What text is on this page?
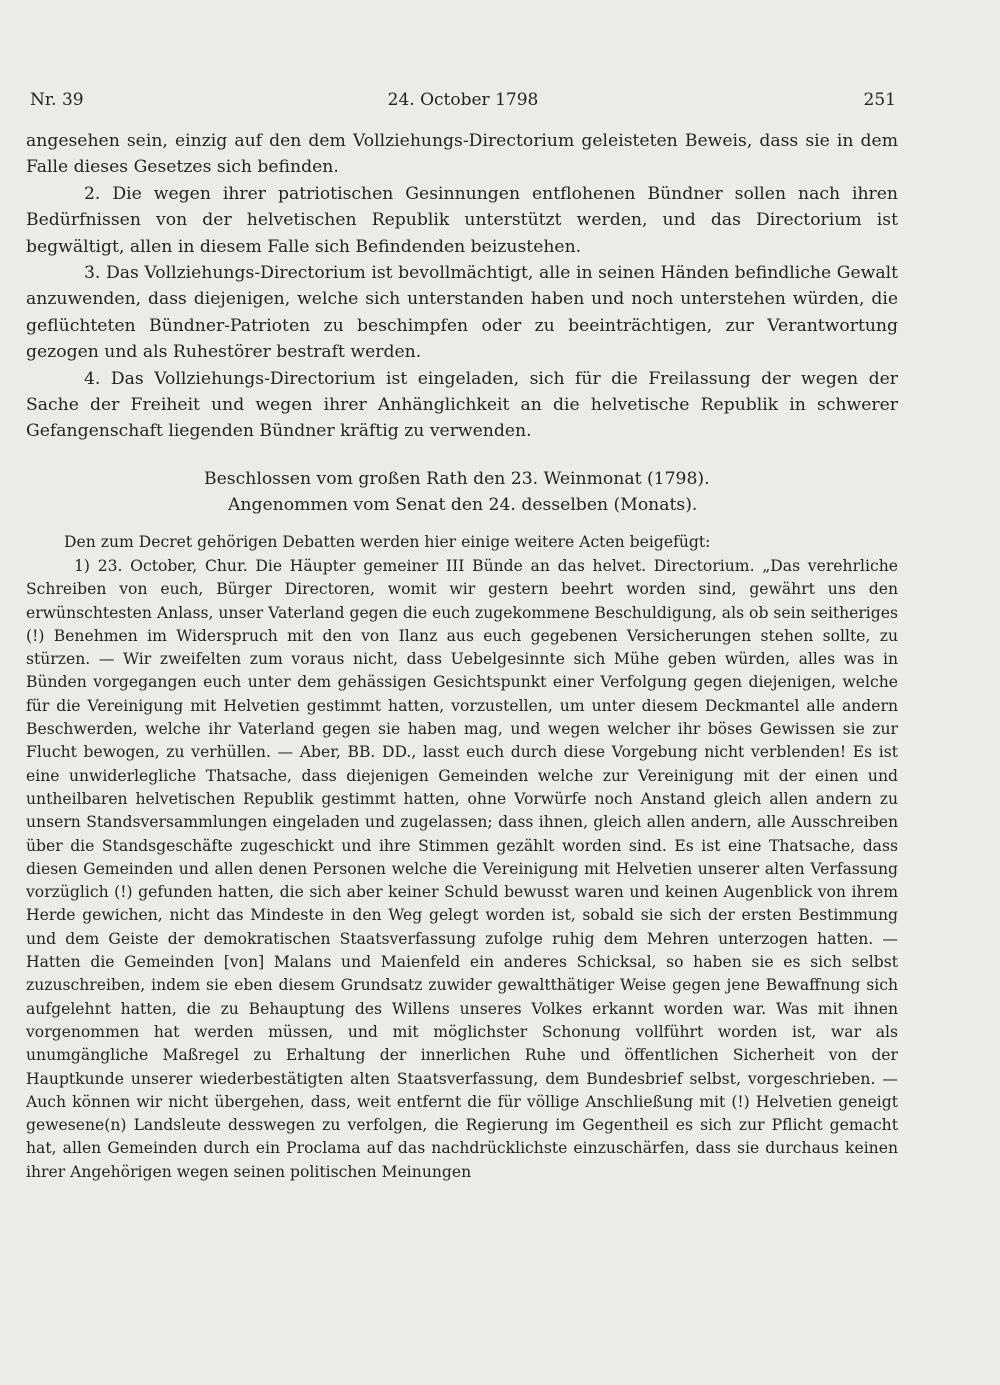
Nr. 39	24. October 1798	251

angesehen sein, einzig auf den dem Vollziehungs-Directorium geleisteten Beweis, dass sie in dem Falle dieses Gesetzes sich befinden.

2. Die wegen ihrer patriotischen Gesinnungen entflohenen Bündner sollen nach ihren Bedürfnissen von der helvetischen Republik unterstützt werden, und das Directorium ist begwältigt, allen in diesem Falle sich Befindenden beizustehen.

3. Das Vollziehungs-Directorium ist bevollmächtigt, alle in seinen Händen befindliche Gewalt anzuwenden, dass diejenigen, welche sich unterstanden haben und noch unterstehen würden, die geflüchteten Bündner-Patrioten zu beschimpfen oder zu beeinträchtigen, zur Verantwortung gezogen und als Ruhestörer bestraft werden.

4. Das Vollziehungs-Directorium ist eingeladen, sich für die Freilassung der wegen der Sache der Freiheit und wegen ihrer Anhänglichkeit an die helvetische Republik in schwerer Gefangenschaft liegenden Bündner kräftig zu verwenden.

Beschlossen vom großen Rath den 23. Weinmonat (1798).
Angenommen vom Senat den 24. desselben (Monats).
Den zum Decret gehörigen Debatten werden hier einige weitere Acten beigefügt:

1) 23. October, Chur. Die Häupter gemeiner III Bünde an das helvet. Directorium. „Das verehrliche Schreiben von euch, Bürger Directoren, womit wir gestern beehrt worden sind, gewährt uns den erwünschtesten Anlass, unser Vaterland gegen die euch zugekommene Beschuldigung, als ob sein seitheriges (!) Benehmen im Widerspruch mit den von Ilanz aus euch gegebenen Versicherungen stehen sollte, zu stürzen. — Wir zweifelten zum voraus nicht, dass Uebelgesinnte sich Mühe geben würden, alles was in Bünden vorgegangen euch unter dem gehässigen Gesichtspunkt einer Verfolgung gegen diejenigen, welche für die Vereinigung mit Helvetien gestimmt hatten, vorzustellen, um unter diesem Deckmantel alle andern Beschwerden, welche ihr Vaterland gegen sie haben mag, und wegen welcher ihr böses Gewissen sie zur Flucht bewogen, zu verhüllen. — Aber, BB. DD., lasst euch durch diese Vorgebung nicht verblenden! Es ist eine unwiderlegliche Thatsache, dass diejenigen Gemeinden welche zur Vereinigung mit der einen und untheilbaren helvetischen Republik gestimmt hatten, ohne Vorwürfe noch Anstand gleich allen andern zu unsern Standsversammlungen eingeladen und zugelassen; dass ihnen, gleich allen andern, alle Ausschreiben über die Standsgeschäfte zugeschickt und ihre Stimmen gezählt worden sind. Es ist eine Thatsache, dass diesen Gemeinden und allen denen Personen welche die Vereinigung mit Helvetien unserer alten Verfassung vorzüglich (!) gefunden hatten, die sich aber keiner Schuld bewusst waren und keinen Augenblick von ihrem Herde gewichen, nicht das Mindeste in den Weg gelegt worden ist, sobald sie sich der ersten Bestimmung und dem Geiste der demokratischen Staatsverfassung zufolge ruhig dem Mehren unterzogen hatten. — Hatten die Gemeinden [von] Malans und Maienfeld ein anderes Schicksal, so haben sie es sich selbst zuzuschreiben, indem sie eben diesem Grundsatz zuwider gewaltthätiger Weise gegen jene Bewaffnung sich aufgelehnt hatten, die zu Behauptung des Willens unseres Volkes erkannt worden war. Was mit ihnen vorgenommen hat werden müssen, und mit möglichster Schonung vollführt worden ist, war als unumgängliche Maßregel zu Erhaltung der innerlichen Ruhe und öffentlichen Sicherheit von der Hauptkunde unserer wiederbestätigten alten Staatsverfassung, dem Bundesbrief selbst, vorgeschrieben. — Auch können wir nicht übergehen, dass, weit entfernt die für völlige Anschließung mit (!) Helvetien geneigt gewesene(n) Landsleute desswegen zu verfolgen, die Regierung im Gegentheil es sich zur Pflicht gemacht hat, allen Gemeinden durch ein Proclama auf das nachdrücklichste einzuschärfen, dass sie durchaus keinen ihrer Angehörigen wegen seinen politischen Meinungen
